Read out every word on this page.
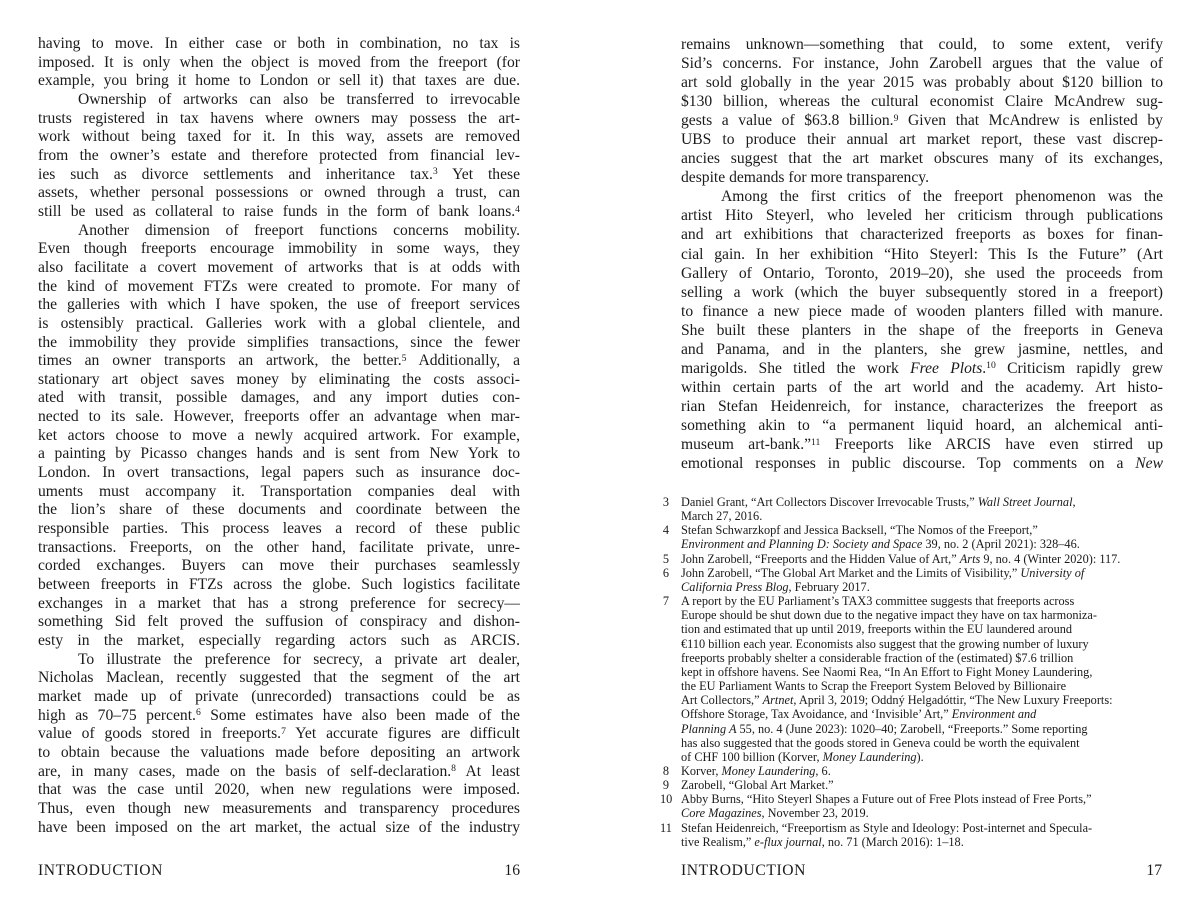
having to move. In either case or both in combination, no tax is
imposed. It is only when the object is moved from the freeport (for
example, you bring it home to London or sell it) that taxes are due.
Ownership of artworks can also be transferred to irrevocable
trusts registered in tax havens where owners may possess the art-
work without being taxed for it. In this way, assets are removed
from the owner’s estate and therefore protected from financial lev-
ies such as divorce settlements and inheritance tax.$^3$ Yet these
assets, whether personal possessions or owned through a trust, can
still be used as collateral to raise funds in the form of bank loans.$^4$
Another dimension of freeport functions concerns mobility.
Even though freeports encourage immobility in some ways, they
also facilitate a covert movement of artworks that is at odds with
the kind of movement FTZs were created to promote. For many of
the galleries with which I have spoken, the use of freeport services
is ostensibly practical. Galleries work with a global clientele, and
the immobility they provide simplifies transactions, since the fewer
times an owner transports an artwork, the better.$^5$ Additionally, a
stationary art object saves money by eliminating the costs associ-
ated with transit, possible damages, and any import duties con-
nected to its sale. However, freeports offer an advantage when mar-
ket actors choose to move a newly acquired artwork. For example,
a painting by Picasso changes hands and is sent from New York to
London. In overt transactions, legal papers such as insurance doc-
uments must accompany it. Transportation companies deal with
the lion’s share of these documents and coordinate between the
responsible parties. This process leaves a record of these public
transactions. Freeports, on the other hand, facilitate private, unre-
corded exchanges. Buyers can move their purchases seamlessly
between freeports in FTZs across the globe. Such logistics facilitate
exchanges in a market that has a strong preference for secrecy—
something Sid felt proved the suffusion of conspiracy and dishon-
esty in the market, especially regarding actors such as ARCIS.
To illustrate the preference for secrecy, a private art dealer,
Nicholas Maclean, recently suggested that the segment of the art
market made up of private (unrecorded) transactions could be as
high as 70–75 percent.$^6$ Some estimates have also been made of the
value of goods stored in freeports.$^7$ Yet accurate figures are difficult
to obtain because the valuations made before depositing an artwork
are, in many cases, made on the basis of self-declaration.$^8$ At least
that was the case until 2020, when new regulations were imposed.
Thus, even though new measurements and transparency procedures
have been imposed on the art market, the actual size of the industry
INTRODUCTION	16
remains unknown—something that could, to some extent, verify
Sid’s concerns. For instance, John Zarobell argues that the value of
art sold globally in the year 2015 was probably about $120 billion to
$130 billion, whereas the cultural economist Claire McAndrew sug-
gests a value of $63.8 billion.$^9$ Given that McAndrew is enlisted by
UBS to produce their annual art market report, these vast discrep-
ancies suggest that the art market obscures many of its exchanges,
despite demands for more transparency.
Among the first critics of the freeport phenomenon was the
artist Hito Steyerl, who leveled her criticism through publications
and art exhibitions that characterized freeports as boxes for finan-
cial gain. In her exhibition “Hito Steyerl: This Is the Future” (Art
Gallery of Ontario, Toronto, 2019–20), she used the proceeds from
selling a work (which the buyer subsequently stored in a freeport)
to finance a new piece made of wooden planters filled with manure.
She built these planters in the shape of the freeports in Geneva
and Panama, and in the planters, she grew jasmine, nettles, and
marigolds. She titled the work Free Plots.$^{10}$ Criticism rapidly grew
within certain parts of the art world and the academy. Art histo-
rian Stefan Heidenreich, for instance, characterizes the freeport as
something akin to “a permanent liquid hoard, an alchemical anti-
museum art-bank.”$^{11}$ Freeports like ARCIS have even stirred up
emotional responses in public discourse. Top comments on a New
3 Daniel Grant, “Art Collectors Discover Irrevocable Trusts,” Wall Street Journal,
March 27, 2016.
4 Stefan Schwarzkopf and Jessica Backsell, “The Nomos of the Freeport,”
Environment and Planning D: Society and Space 39, no. 2 (April 2021): 328–46.
5 John Zarobell, “Freeports and the Hidden Value of Art,” Arts 9, no. 4 (Winter 2020): 117.
6 John Zarobell, “The Global Art Market and the Limits of Visibility,” University of
California Press Blog, February 2017.
7 A report by the EU Parliament’s TAX3 committee suggests that freeports across
Europe should be shut down due to the negative impact they have on tax harmoniza-
tion and estimated that up until 2019, freeports within the EU laundered around
€110 billion each year. Economists also suggest that the growing number of luxury
freeports probably shelter a considerable fraction of the (estimated) $7.6 trillion
kept in offshore havens. See Naomi Rea, “In An Effort to Fight Money Laundering,
the EU Parliament Wants to Scrap the Freeport System Beloved by Billionaire
Art Collectors,” Artnet, April 3, 2019; Oddný Helgadóttir, “The New Luxury Freeports:
Offshore Storage, Tax Avoidance, and ‘Invisible’ Art,” Environment and
Planning A 55, no. 4 (June 2023): 1020–40; Zarobell, “Freeports.” Some reporting
has also suggested that the goods stored in Geneva could be worth the equivalent
of CHF 100 billion (Korver, Money Laundering).
8 Korver, Money Laundering, 6.
9 Zarobell, “Global Art Market.”
10 Abby Burns, “Hito Steyerl Shapes a Future out of Free Plots instead of Free Ports,”
Core Magazines, November 23, 2019.
11 Stefan Heidenreich, “Freeportism as Style and Ideology: Post-internet and Specula-
tive Realism,” e-flux journal, no. 71 (March 2016): 1–18.
INTRODUCTION	17
